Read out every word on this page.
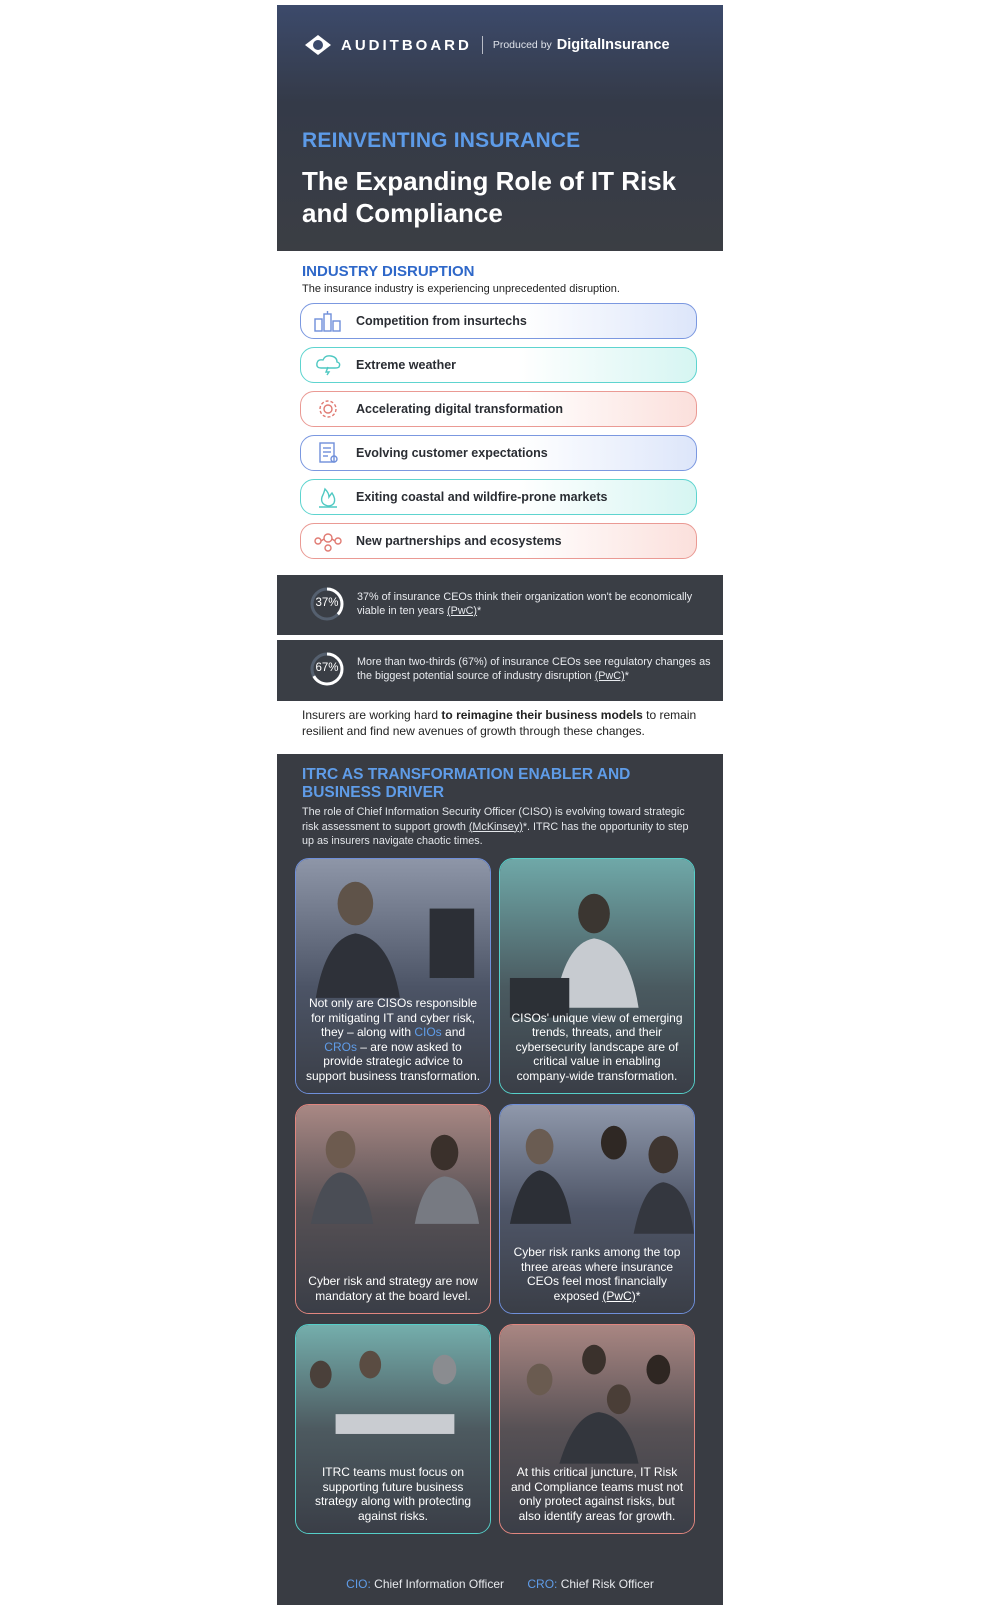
AUDITBOARD Produced by DigitalInsurance
REINVENTING INSURANCE
The Expanding Role of IT Risk and Compliance
INDUSTRY DISRUPTION
The insurance industry is experiencing unprecedented disruption.
Competition from insurtechs
Extreme weather
Accelerating digital transformation
Evolving customer expectations
Exiting coastal and wildfire-prone markets
New partnerships and ecosystems
37%	37% of insurance CEOs think their organization won't be economically viable in ten years (PwC)*
67%	More than two-thirds (67%) of insurance CEOs see regulatory changes as the biggest potential source of industry disruption (PwC)*

Insurers are working hard to reimagine their business models to remain resilient and find new avenues of growth through these changes.

ITRC AS TRANSFORMATION ENABLER AND BUSINESS DRIVER
The role of Chief Information Security Officer (CISO) is evolving toward strategic risk assessment to support growth (McKinsey)*. ITRC has the opportunity to step up as insurers navigate chaotic times.
Not only are CISOs responsible for mitigating IT and cyber risk, they – along with CIOs and CROs – are now asked to provide strategic advice to support business transformation.
CISOs' unique view of emerging trends, threats, and their cybersecurity landscape are of critical value in enabling company-wide transformation.
Cyber risk and strategy are now mandatory at the board level.
Cyber risk ranks among the top three areas where insurance CEOs feel most financially exposed (PwC)*
ITRC teams must focus on supporting future business strategy along with protecting against risks.
At this critical juncture, IT Risk and Compliance teams must not only protect against risks, but also identify areas for growth.
CIO: Chief Information Officer CRO: Chief Risk Officer
